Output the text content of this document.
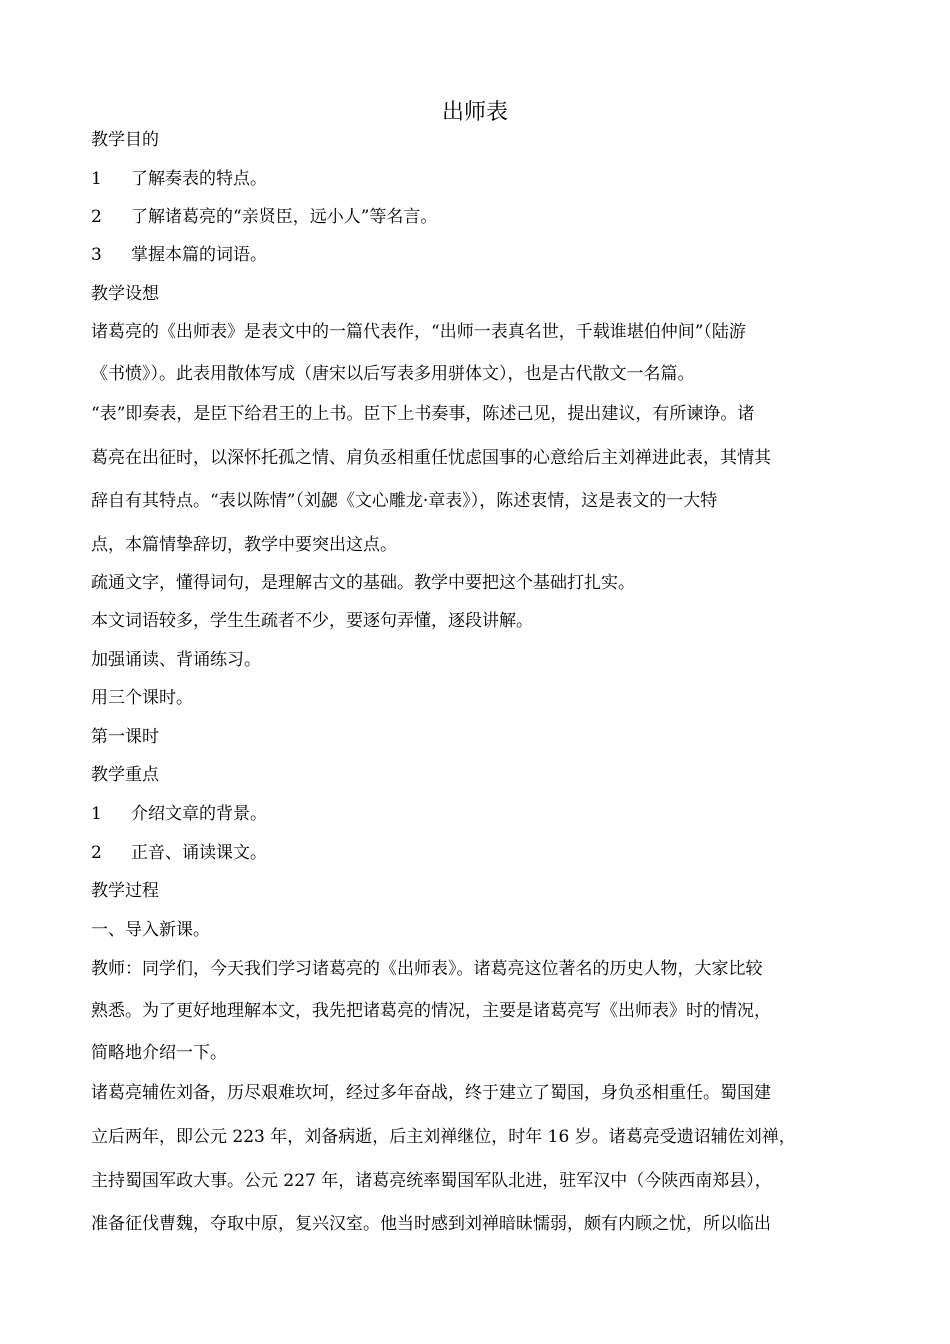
出师表

教学目的

1 了解奏表的特点。

2 了解诸葛亮的“亲贤臣，远小人”等名言。

3 掌握本篇的词语。

教学设想

诸葛亮的《出师表》是表文中的一篇代表作，“出师一表真名世，千载谁堪伯仲间”（陆游

《书愤》）。此表用散体写成（唐宋以后写表多用骈体文），也是古代散文一名篇。

“表”即奏表，是臣下给君王的上书。臣下上书奏事，陈述己见，提出建议，有所谏诤。诸

葛亮在出征时，以深怀托孤之情、肩负丞相重任忧虑国事的心意给后主刘禅进此表，其情其

辞自有其特点。“表以陈情”（刘勰《文心雕龙·章表》），陈述衷情，这是表文的一大特

点，本篇情挚辞切，教学中要突出这点。

疏通文字，懂得词句，是理解古文的基础。教学中要把这个基础打扎实。

本文词语较多，学生生疏者不少，要逐句弄懂，逐段讲解。

加强诵读、背诵练习。

用三个课时。

第一课时

教学重点

1 介绍文章的背景。

2 正音、诵读课文。

教学过程

一、导入新课。

教师：同学们，今天我们学习诸葛亮的《出师表》。诸葛亮这位著名的历史人物，大家比较

熟悉。为了更好地理解本文，我先把诸葛亮的情况，主要是诸葛亮写《出师表》时的情况，

简略地介绍一下。

诸葛亮辅佐刘备，历尽艰难坎坷，经过多年奋战，终于建立了蜀国，身负丞相重任。蜀国建

立后两年，即公元 223 年，刘备病逝，后主刘禅继位，时年 16 岁。诸葛亮受遗诏辅佐刘禅，

主持蜀国军政大事。公元 227 年，诸葛亮统率蜀国军队北进，驻军汉中（今陕西南郑县），

准备征伐曹魏，夺取中原，复兴汉室。他当时感到刘禅暗昧懦弱，颇有内顾之忧，所以临出
